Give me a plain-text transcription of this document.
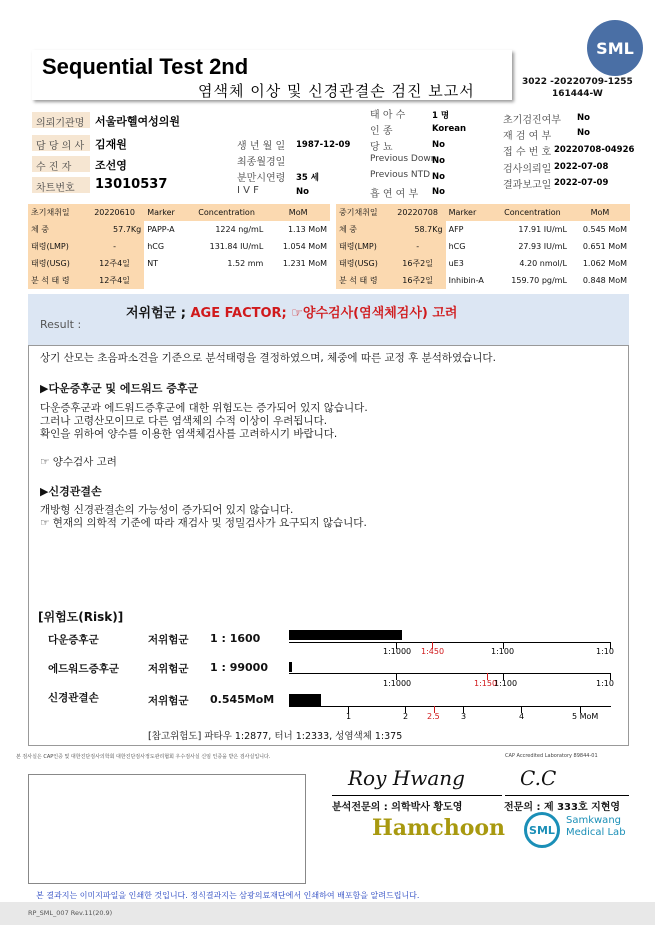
SML
Sequential Test 2nd
염색체 이상 및 신경관결손 검진 보고서	3022 -20220709-1255
161444-W
의뢰기관명 서울라헬여성의원
담 당 의 사 김재원
수 진 자 조선영
차트번호 13010537
생 년 월 일 1987-12-09
최종월경일
분만시연령 35 세
I V F	No
태 아 수	1 명
인 종	Korean
당 뇨	No
Previous Down
No
Previous NTD No
흡 연 여 부 No
초기검진여부 No
재 검 여 부	No
접 수 번 호 20220708-04926
검사의뢰일 2022-07-08
결과보고일 2022-07-09
초기채취일	20220610	Marker	Concentration	MoM
체 중	57.7Kg	PAPP-A	1224 ng/mL	1.13 MoM
태령(LMP)	-	hCG	131.84 IU/mL	1.054 MoM
태령(USG)	12주4일	NT	1.52 mm	1.231 MoM
분 석 태 령	12주4일			
중기채취일	20220708	Marker	Concentration	MoM
체 중	58.7Kg	AFP	17.91 IU/mL	0.545 MoM
태령(LMP)	-	hCG	27.93 IU/mL	0.651 MoM
태령(USG)	16주2일	uE3	4.20 nmol/L	1.062 MoM
분 석 태 령	16주2일	Inhibin-A	159.70 pg/mL	0.848 MoM
Result :
저위험군 ; AGE FACTOR; ☞양수검사(염색체검사) 고려
상기 산모는 초음파소견을 기준으로 분석태령을 결정하였으며, 체중에 따른 교정 후 분석하였습니다.
▶다운증후군 및 에드워드 증후군
다운증후군과 에드워드증후군에 대한 위험도는 증가되어 있지 않습니다.
그러나 고령산모이므로 다른 염색체의 수적 이상이 우려됩니다.
확인을 위하여 양수를 이용한 염색체검사를 고려하시기 바랍니다.
☞ 양수검사 고려
▶신경관결손
개방형 신경관결손의 가능성이 증가되어 있지 않습니다.
☞ 현재의 의학적 기준에 따라 재검사 및 정밀검사가 요구되지 않습니다.
[위험도(Risk)]
다운증후군	저위험군 1 : 1600
1:1000 1:450	1:100	1:10
에드워드증후군	저위험군 1 : 99000
1:1000	1:150
1:100	1:10
신경관결손	저위험군 0.545MoM
1	2 2.5	3	4	5 MoM
[참고위험도] 파타우 1:2877, 터너 1:2333, 성염색체 1:375
본 검사실은 CAP인증 및 대한진단검사의학회 대한진단검사정도관리협회 우수검사실 신임 인증을 받은 검사실입니다.	CAP Accredited Laboratory 89844-01
Roy Hwang
분석전문의 : 의학박사 황도영
C.C
전문의 : 제 333호 지현영
Hamchoon	SML
Samkwang
Medical Lab
본 결과지는 이미지파일을 인쇄한 것입니다. 정식결과지는 삼광의료재단에서 인쇄하여 배포함을 알려드립니다.
RP_SML_007 Rev.11(20.9)
